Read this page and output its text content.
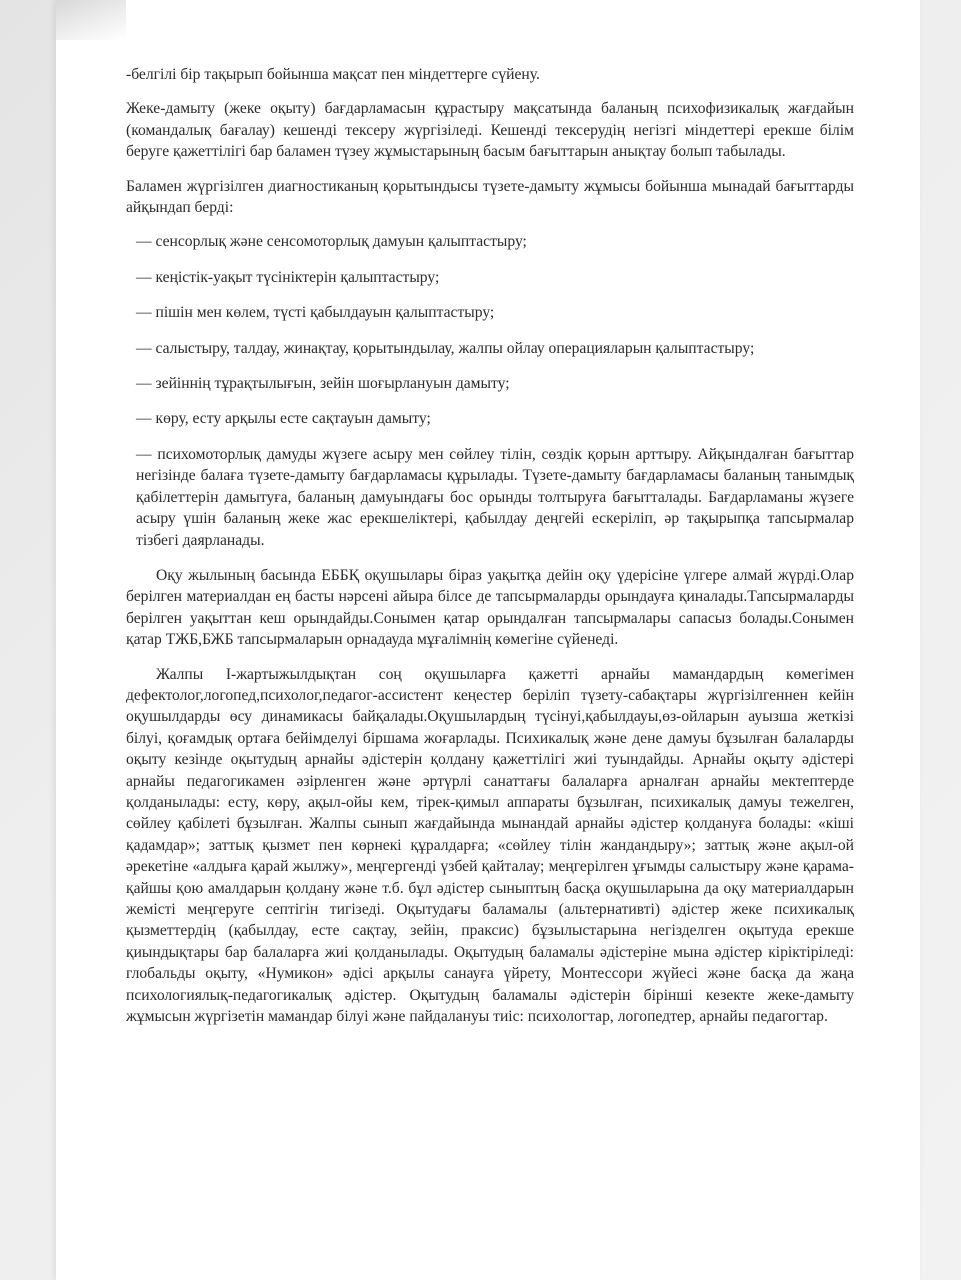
-белгілі бір тақырып бойынша мақсат пен міндеттерге сүйену.

Жеке-дамыту (жеке оқыту) бағдарламасын құрастыру мақсатында баланың психофизикалық жағдайын (командалық бағалау) кешенді тексеру жүргізіледі. Кешенді тексерудің негізгі міндеттері ерекше білім беруге қажеттілігі бар баламен түзеу жұмыстарының басым бағыттарын анықтау болып табылады.

Баламен жүргізілген диагностиканың қорытындысы түзете-дамыту жұмысы бойынша мынадай бағыттарды айқындап берді:

— сенсорлық және сенсомоторлық дамуын қалыптастыру;

— кеңістік-уақыт түсініктерін қалыптастыру;

— пішін мен көлем, түсті қабылдауын қалыптастыру;

— салыстыру, талдау, жинақтау, қорытындылау, жалпы ойлау операцияларын қалыптастыру;

— зейіннің тұрақтылығын, зейін шоғырлануын дамыту;

— көру, есту арқылы есте сақтауын дамыту;

— психомоторлық дамуды жүзеге асыру мен сөйлеу тілін, сөздік қорын арттыру. Айқындалған бағыттар негізінде балаға түзете-дамыту бағдарламасы құрылады. Түзете-дамыту бағдарламасы баланың танымдық қабілеттерін дамытуға, баланың дамуындағы бос орынды толтыруға бағытталады. Бағдарламаны жүзеге асыру үшін баланың жеке жас ерекшеліктері, қабылдау деңгейі ескеріліп, әр тақырыпқа тапсырмалар тізбегі даярланады.

Оқу жылының басында ЕББҚ оқушылары біраз уақытқа дейін оқу үдерісіне үлгере алмай жүрді.Олар берілген материалдан ең басты нәрсені айыра білсе де тапсырмаларды орындауға қиналады.Тапсырмаларды берілген уақыттан кеш орындайды.Сонымен қатар орындалған тапсырмалары сапасыз болады.Сонымен қатар ТЖБ,БЖБ тапсырмаларын орнадауда мұғалімнің көмегіне сүйенеді.

Жалпы І-жартыжылдықтан соң оқушыларға қажетті арнайы мамандардың көмегімен дефектолог,логопед,психолог,педагог-ассистент кеңестер беріліп түзету-сабақтары жүргізілгеннен кейін оқушылдарды өсу динамикасы байқалады.Оқушылардың түсінуі,қабылдауы,өз-ойларын ауызша жеткізі білуі, қоғамдық ортаға бейімделуі біршама жоғарлады. Психикалық және дене дамуы бұзылған балаларды оқыту кезінде оқытудың арнайы әдістерін қолдану қажеттілігі жиі туындайды. Арнайы оқыту әдістері арнайы педагогикамен әзірленген және әртүрлі санаттағы балаларға арналған арнайы мектептерде қолданылады: есту, көру, ақыл-ойы кем, тірек-қимыл аппараты бұзылған, психикалық дамуы тежелген, сөйлеу қабілеті бұзылған. Жалпы сынып жағдайында мынандай арнайы әдістер қолдануға болады: «кіші қадамдар»; заттық қызмет пен көрнекі құралдарға; «сөйлеу тілін жандандыру»; заттық және ақыл-ой әрекетіне «алдыға қарай жылжу», меңгергенді үзбей қайталау; меңгерілген ұғымды салыстыру және қарама- қайшы қою амалдарын қолдану және т.б. бұл әдістер сыныптың басқа оқушыларына да оқу материалдарын жемісті меңгеруге септігін тигізеді. Оқытудағы баламалы (альтернативті) әдістер жеке психикалық қызметтердің (қабылдау, есте сақтау, зейін, праксис) бұзылыстарына негізделген оқытуда ерекше қиындықтары бар балаларға жиі қолданылады. Оқытудың баламалы әдістеріне мына әдістер кіріктіріледі: глобальды оқыту, «Нумикон» әдісі арқылы санауға үйрету, Монтессори жүйесі және басқа да жаңа психологиялық-педагогикалық әдістер. Оқытудың баламалы әдістерін бірінші кезекте жеке-дамыту жұмысын жүргізетін мамандар білуі және пайдалануы тиіс: психологтар, логопедтер, арнайы педагогтар.
